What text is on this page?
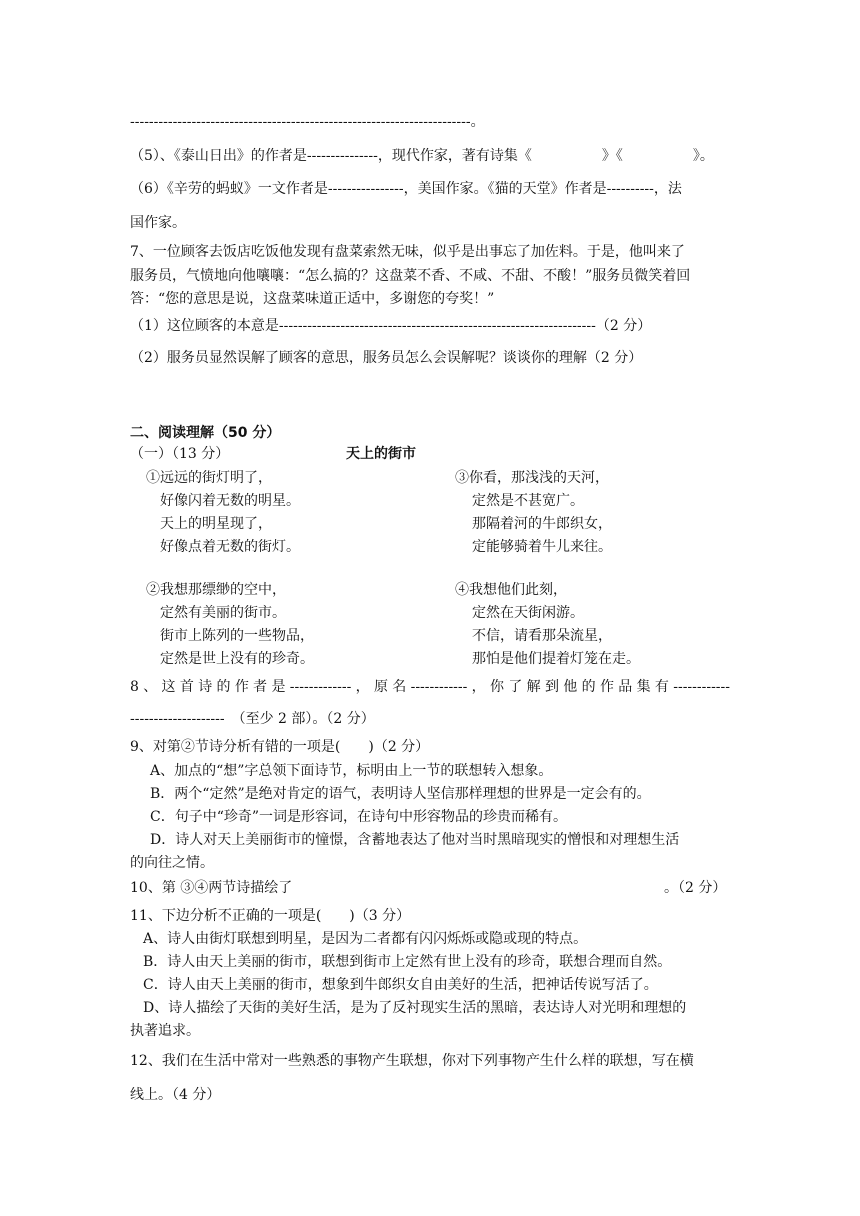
------------------------------------------------------------------------。
（5）、《泰山日出》的作者是---------------，现代作家，著有诗集《　　　　　》《　　　　　》。
（6）《辛劳的蚂蚁》一文作者是----------------，美国作家。《猫的天堂》作者是----------，法
国作家。
7、一位顾客去饭店吃饭他发现有盘菜索然无味，似乎是出事忘了加佐料。于是，他叫来了
服务员，气愤地向他嚷嚷：“怎么搞的？这盘菜不香、不咸、不甜、不酸！”服务员微笑着回
答：“您的意思是说，这盘菜味道正适中，多谢您的夸奖！”
（1）这位顾客的本意是-------------------------------------------------------------------（2 分）
（2）服务员显然误解了顾客的意思，服务员怎么会误解呢？谈谈你的理解（2 分）
二、阅读理解（50 分）
（一）（13 分）	天上的街市
①远远的街灯明了，
好像闪着无数的明星。
天上的明星现了，
好像点着无数的街灯。
③你看，那浅浅的天河，
定然是不甚宽广。
那隔着河的牛郎织女，
定能够骑着牛儿来往。
②我想那缥缈的空中，
定然有美丽的街市。
街市上陈列的一些物品，
定然是世上没有的珍奇。
④我想他们此刻，
定然在天街闲游。
不信，请看那朵流星，
那怕是他们提着灯笼在走。
8、这首诗的作者是-------------，原名------------，你了解到他的作品集有------------
--------------------　（至少 2 部）。（2 分）
9、对第②节诗分析有错的一项是(　　)（2 分）
A、加点的“想”字总领下面诗节，标明由上一节的联想转入想象。
B．两个“定然”是绝对肯定的语气，表明诗人坚信那样理想的世界是一定会有的。
C．句子中“珍奇”一词是形容词，在诗句中形容物品的珍贵而稀有。
D．诗人对天上美丽街市的憧憬，含蓄地表达了他对当时黑暗现实的憎恨和对理想生活
的向往之情。
10、第 ③④两节诗描绘了	。（2 分）
11、下边分析不正确的一项是(　　)（3 分）
A、诗人由街灯联想到明星，是因为二者都有闪闪烁烁或隐或现的特点。
B．诗人由天上美丽的街市，联想到街市上定然有世上没有的珍奇，联想合理而自然。
C．诗人由天上美丽的街市，想象到牛郎织女自由美好的生活，把神话传说写活了。
D、诗人描绘了天街的美好生活，是为了反衬现实生活的黑暗，表达诗人对光明和理想的
执著追求。
12、我们在生活中常对一些熟悉的事物产生联想，你对下列事物产生什么样的联想，写在横
线上。（4 分）
